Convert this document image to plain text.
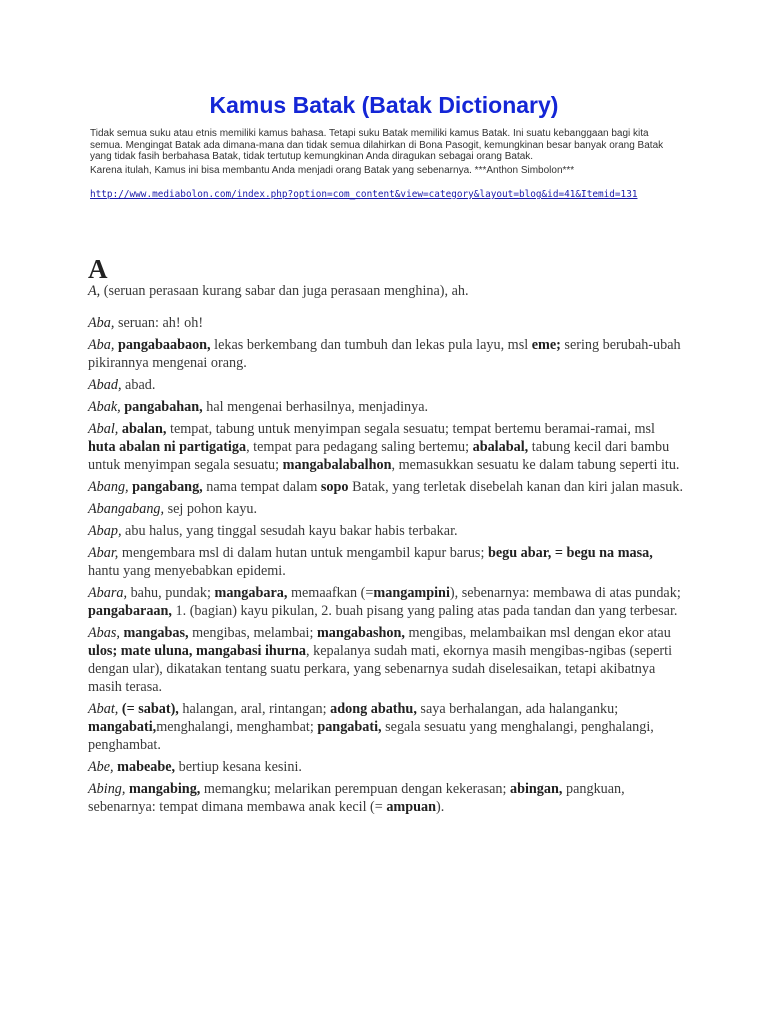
Kamus Batak (Batak Dictionary)

Tidak semua suku atau etnis memiliki kamus bahasa. Tetapi suku Batak memiliki kamus Batak. Ini suatu kebanggaan bagi kita semua. Mengingat Batak ada dimana-mana dan tidak semua dilahirkan di Bona Pasogit, kemungkinan besar banyak orang Batak yang tidak fasih berbahasa Batak, tidak tertutup kemungkinan Anda diragukan sebagai orang Batak.

Karena itulah, Kamus ini bisa membantu Anda menjadi orang Batak yang sebenarnya. ***Anthon Simbolon***

http://www.mediabolon.com/index.php?option=com_content&view=category&layout=blog&id=41&Itemid=131
A

A, (seruan perasaan kurang sabar dan juga perasaan menghina), ah.

Aba, seruan: ah! oh!

Aba, pangabaabaon, lekas berkembang dan tumbuh dan lekas pula layu, msl eme; sering berubah-ubah pikirannya mengenai orang.

Abad, abad.

Abak, pangabahan, hal mengenai berhasilnya, menjadinya.

Abal, abalan, tempat, tabung untuk menyimpan segala sesuatu; tempat bertemu beramai-ramai, msl huta abalan ni partigatiga, tempat para pedagang saling bertemu; abalabal, tabung kecil dari bambu untuk menyimpan segala sesuatu; mangabalabalhon, memasukkan sesuatu ke dalam tabung seperti itu.

Abang, pangabang, nama tempat dalam sopo Batak, yang terletak disebelah kanan dan kiri jalan masuk.

Abangabang, sej pohon kayu.

Abap, abu halus, yang tinggal sesudah kayu bakar habis terbakar.

Abar, mengembara msl di dalam hutan untuk mengambil kapur barus; begu abar, = begu na masa, hantu yang menyebabkan epidemi.

Abara, bahu, pundak; mangabara, memaafkan (=mangampini), sebenarnya: membawa di atas pundak; pangabaraan, 1. (bagian) kayu pikulan, 2. buah pisang yang paling atas pada tandan dan yang terbesar.

Abas, mangabas, mengibas, melambai; mangabashon, mengibas, melambaikan msl dengan ekor atau ulos; mate uluna, mangabasi ihurna, kepalanya sudah mati, ekornya masih mengibas-ngibas (seperti dengan ular), dikatakan tentang suatu perkara, yang sebenarnya sudah diselesaikan, tetapi akibatnya masih terasa.

Abat, (= sabat), halangan, aral, rintangan; adong abathu, saya berhalangan, ada halanganku; mangabati,menghalangi, menghambat; pangabati, segala sesuatu yang menghalangi, penghalangi, penghambat.

Abe, mabeabe, bertiup kesana kesini.

Abing, mangabing, memangku; melarikan perempuan dengan kekerasan; abingan, pangkuan, sebenarnya: tempat dimana membawa anak kecil (= ampuan).
